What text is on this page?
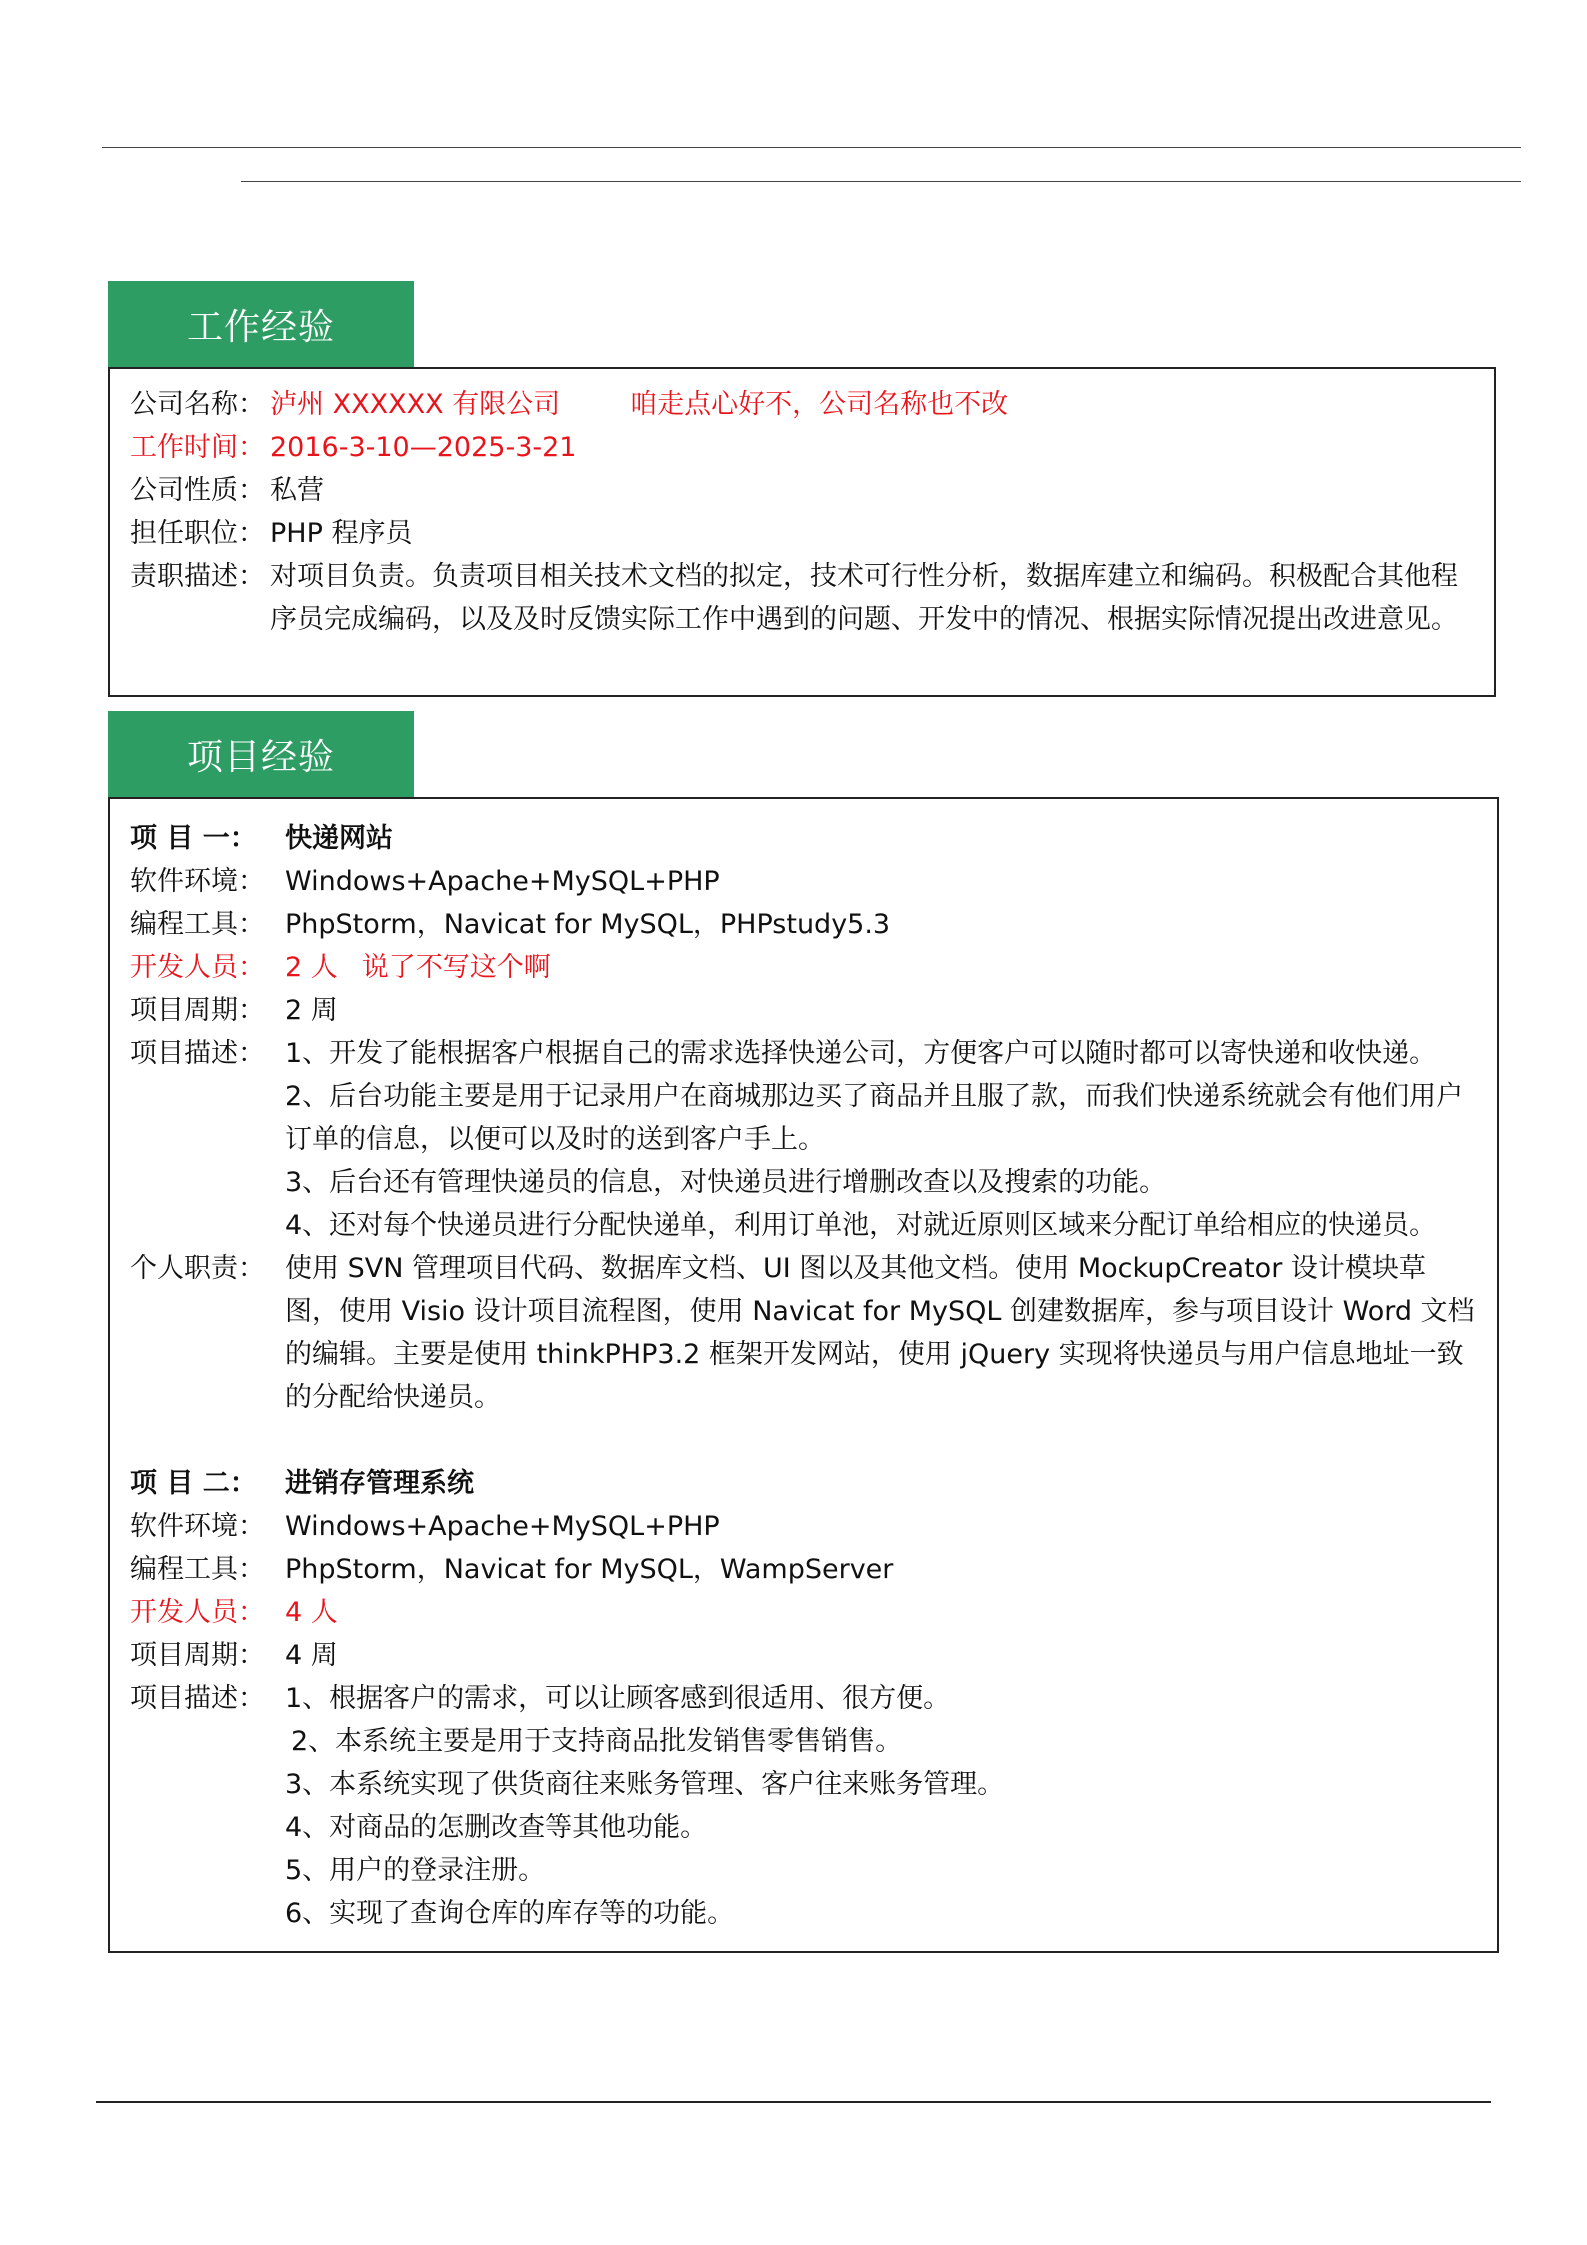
工作经验
公司名称： 泸州 XXXXXX 有限公司	咱走点心好不，公司名称也不改
工作时间： 2016-3-10—2025-3-21
公司性质： 私营
担任职位： PHP 程序员
责职描述： 对项目负责。负责项目相关技术文档的拟定，技术可行性分析，数据库建立和编码。积极配合其他程序员完成编码，以及及时反馈实际工作中遇到的问题、开发中的情况、根据实际情况提出改进意见。
项目经验
项 目 一：	快递网站
软件环境： Windows+Apache+MySQL+PHP
编程工具： PhpStorm，Navicat for MySQL，PHPstudy5.3
开发人员： 2 人 说了不写这个啊
项目周期： 2 周
项目描述： 1、开发了能根据客户根据自己的需求选择快递公司，方便客户可以随时都可以寄快递和收快递。
2、后台功能主要是用于记录用户在商城那边买了商品并且服了款，而我们快递系统就会有他们用户订单的信息，以便可以及时的送到客户手上。
3、后台还有管理快递员的信息，对快递员进行增删改查以及搜索的功能。
4、还对每个快递员进行分配快递单，利用订单池，对就近原则区域来分配订单给相应的快递员。
个人职责： 使用 SVN 管理项目代码、数据库文档、UI 图以及其他文档。使用 MockupCreator 设计模块草图，使用 Visio 设计项目流程图，使用 Navicat for MySQL 创建数据库，参与项目设计 Word 文档的编辑。主要是使用 thinkPHP3.2 框架开发网站，使用 jQuery 实现将快递员与用户信息地址一致的分配给快递员。
项 目 二：	进销存管理系统
软件环境： Windows+Apache+MySQL+PHP
编程工具： PhpStorm，Navicat for MySQL，WampServer
开发人员： 4 人
项目周期： 4 周
项目描述： 1、根据客户的需求，可以让顾客感到很适用、很方便。
2、本系统主要是用于支持商品批发销售零售销售。
3、本系统实现了供货商往来账务管理、客户往来账务管理。
4、对商品的怎删改查等其他功能。
5、用户的登录注册。
6、实现了查询仓库的库存等的功能。
